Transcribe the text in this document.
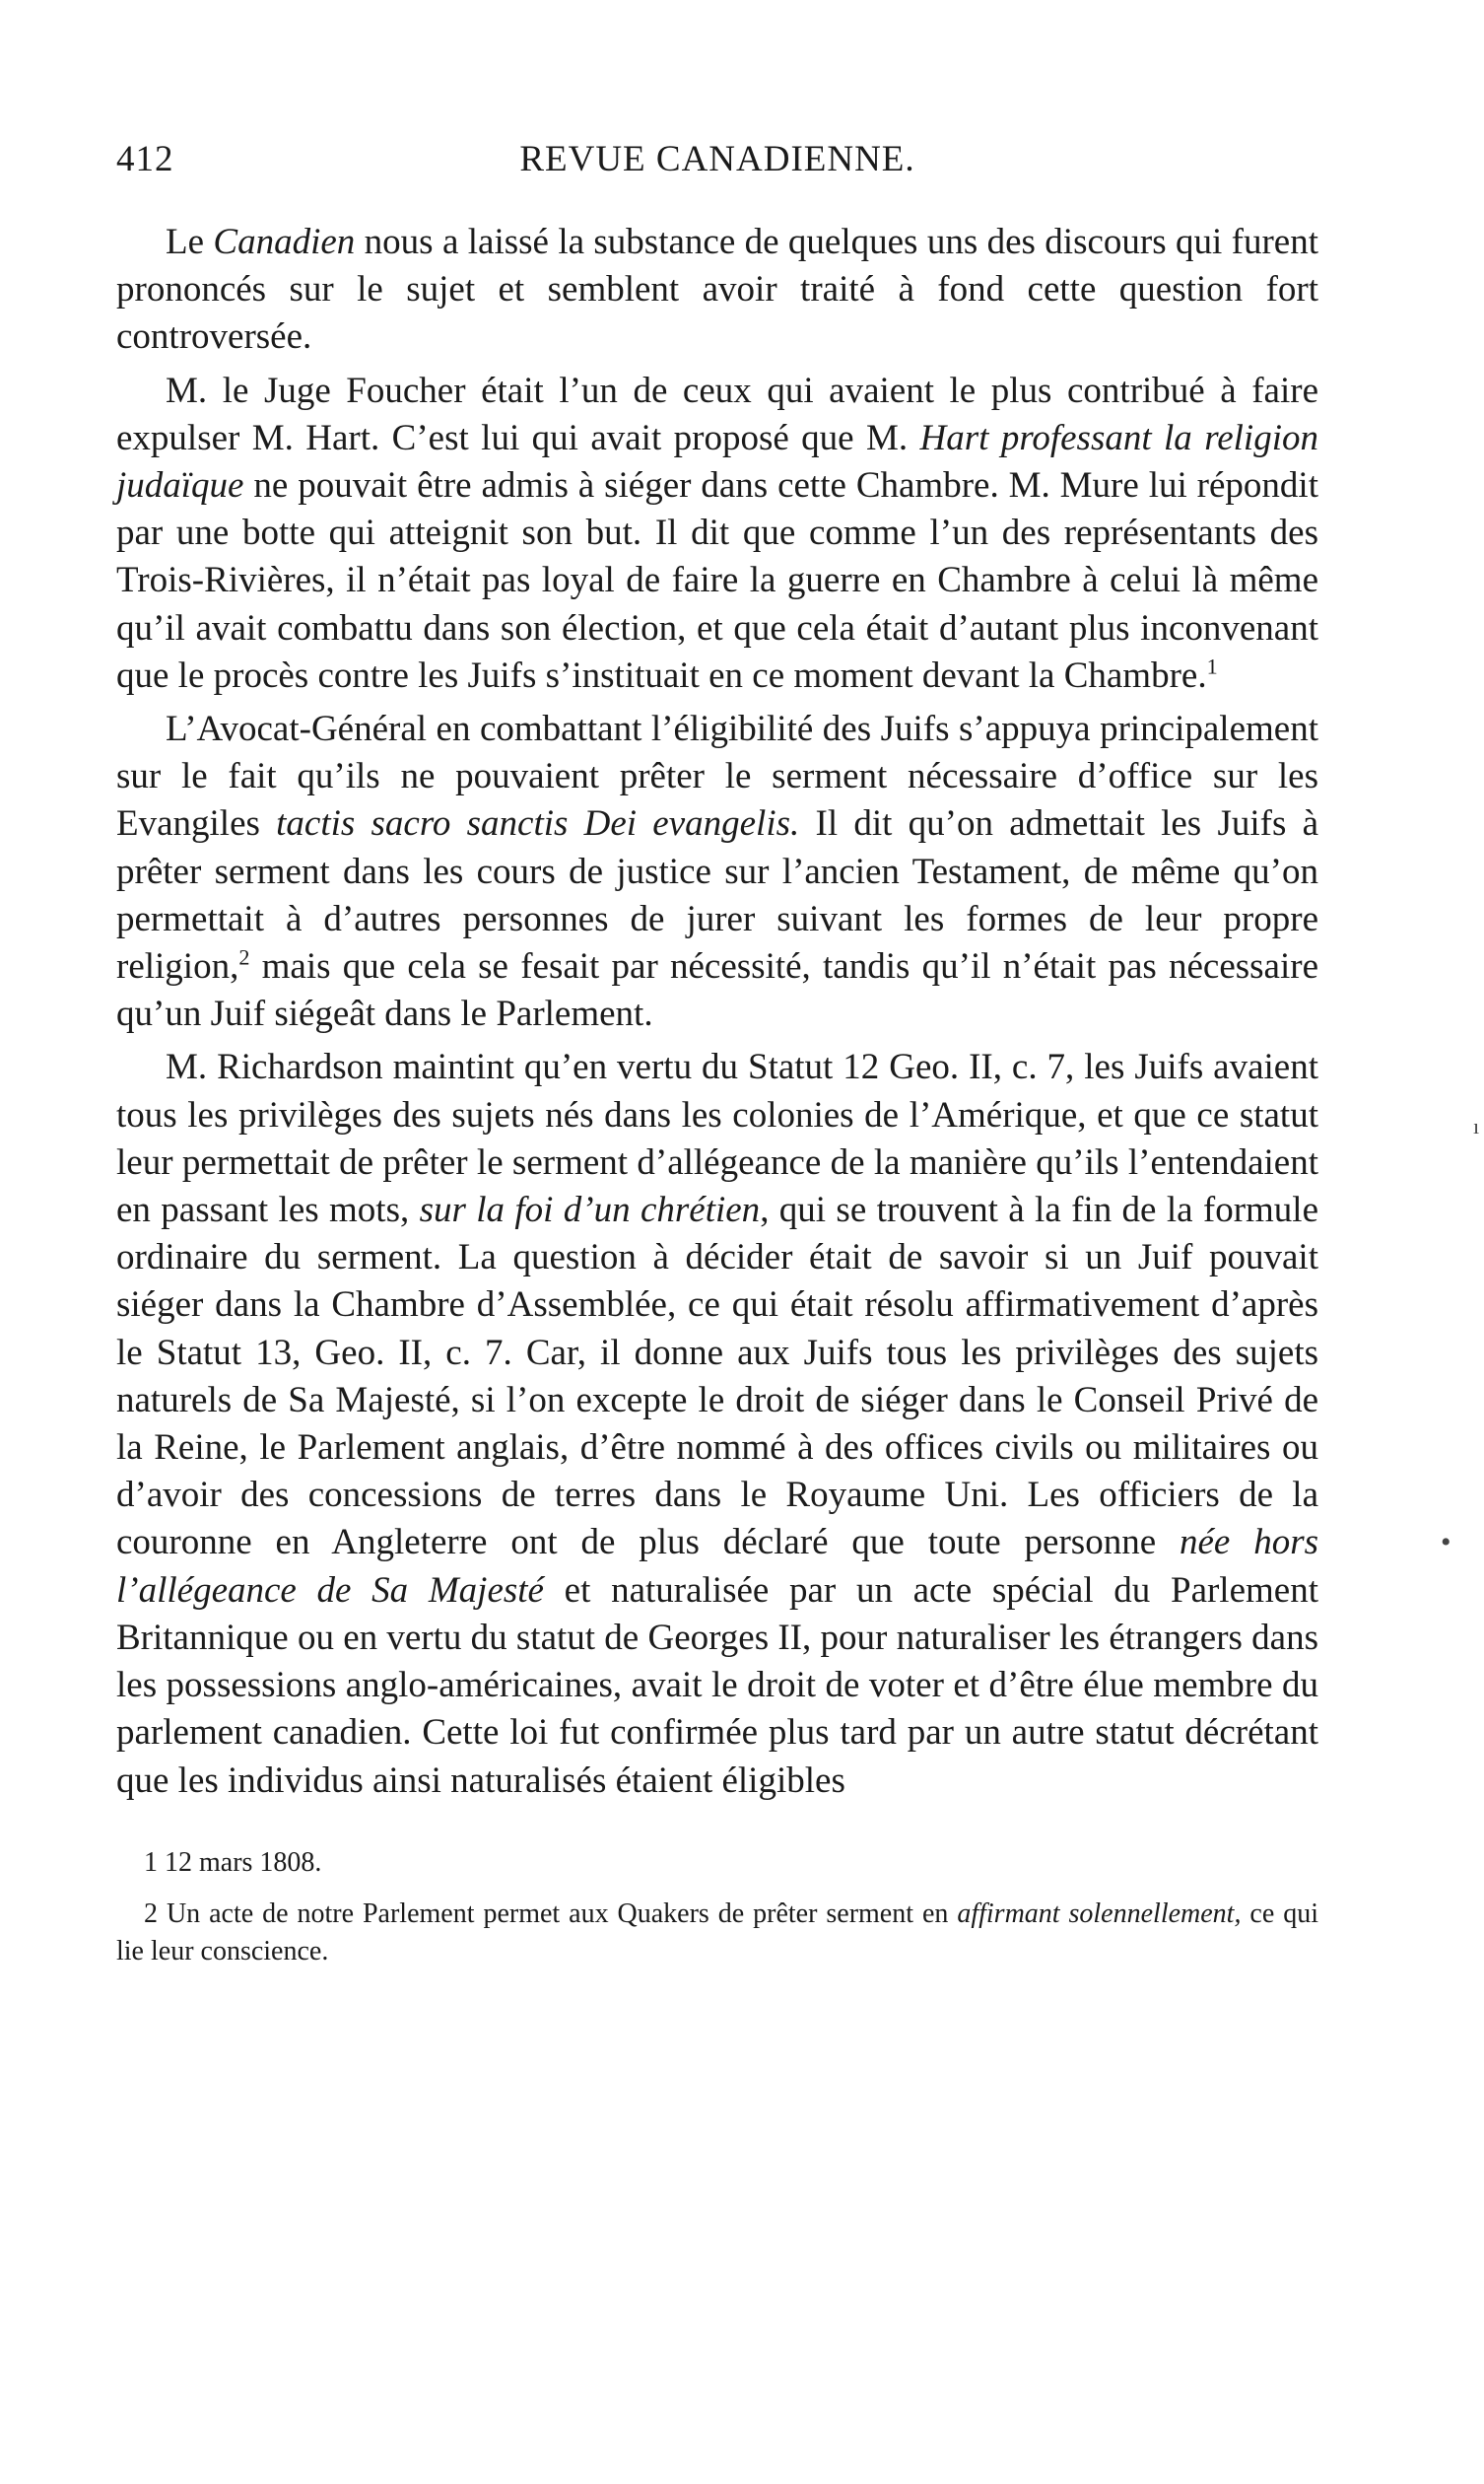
412	REVUE CANADIENNE.

Le Canadien nous a laissé la substance de quelques uns des discours qui furent prononcés sur le sujet et semblent avoir traité à fond cette question fort controversée.

M. le Juge Foucher était l’un de ceux qui avaient le plus contribué à faire expulser M. Hart. C’est lui qui avait proposé que M. Hart professant la religion judaïque ne pouvait être admis à siéger dans cette Chambre. M. Mure lui répondit par une botte qui atteignit son but. Il dit que comme l’un des représentants des Trois-Rivières, il n’était pas loyal de faire la guerre en Chambre à celui là même qu’il avait combattu dans son élection, et que cela était d’autant plus inconvenant que le procès contre les Juifs s’instituait en ce moment devant la Chambre.$^1$

L’Avocat-Général en combattant l’éligibilité des Juifs s’appuya principalement sur le fait qu’ils ne pouvaient prêter le serment nécessaire d’office sur les Evangiles tactis sacro sanctis Dei evangelis. Il dit qu’on admettait les Juifs à prêter serment dans les cours de justice sur l’ancien Testament, de même qu’on permettait à d’autres personnes de jurer suivant les formes de leur propre religion,$^2$ mais que cela se fesait par nécessité, tandis qu’il n’était pas nécessaire qu’un Juif siégeât dans le Parlement.

M. Richardson maintint qu’en vertu du Statut 12 Geo. II, c. 7, les Juifs avaient tous les privilèges des sujets nés dans les colonies de l’Amérique, et que ce statut leur permettait de prêter le serment d’allégeance de la manière qu’ils l’entendaient en passant les mots, sur la foi d’un chrétien, qui se trouvent à la fin de la formule ordinaire du serment. La question à décider était de savoir si un Juif pouvait siéger dans la Chambre d’Assemblée, ce qui était résolu affirmativement d’après le Statut 13, Geo. II, c. 7. Car, il donne aux Juifs tous les privilèges des sujets naturels de Sa Majesté, si l’on excepte le droit de siéger dans le Conseil Privé de la Reine, le Parlement anglais, d’être nommé à des offices civils ou militaires ou d’avoir des concessions de terres dans le Royaume Uni. Les officiers de la couronne en Angleterre ont de plus déclaré que toute personne née hors l’allégeance de Sa Majesté et naturalisée par un acte spécial du Parlement Britannique ou en vertu du statut de Georges II, pour naturaliser les étrangers dans les possessions anglo-américaines, avait le droit de voter et d’être élue membre du parlement canadien. Cette loi fut confirmée plus tard par un autre statut décrétant que les individus ainsi naturalisés étaient éligibles

1 12 mars 1808.

2 Un acte de notre Parlement permet aux Quakers de prêter serment en affirmant solennellement, ce qui lie leur conscience.

ı
•
